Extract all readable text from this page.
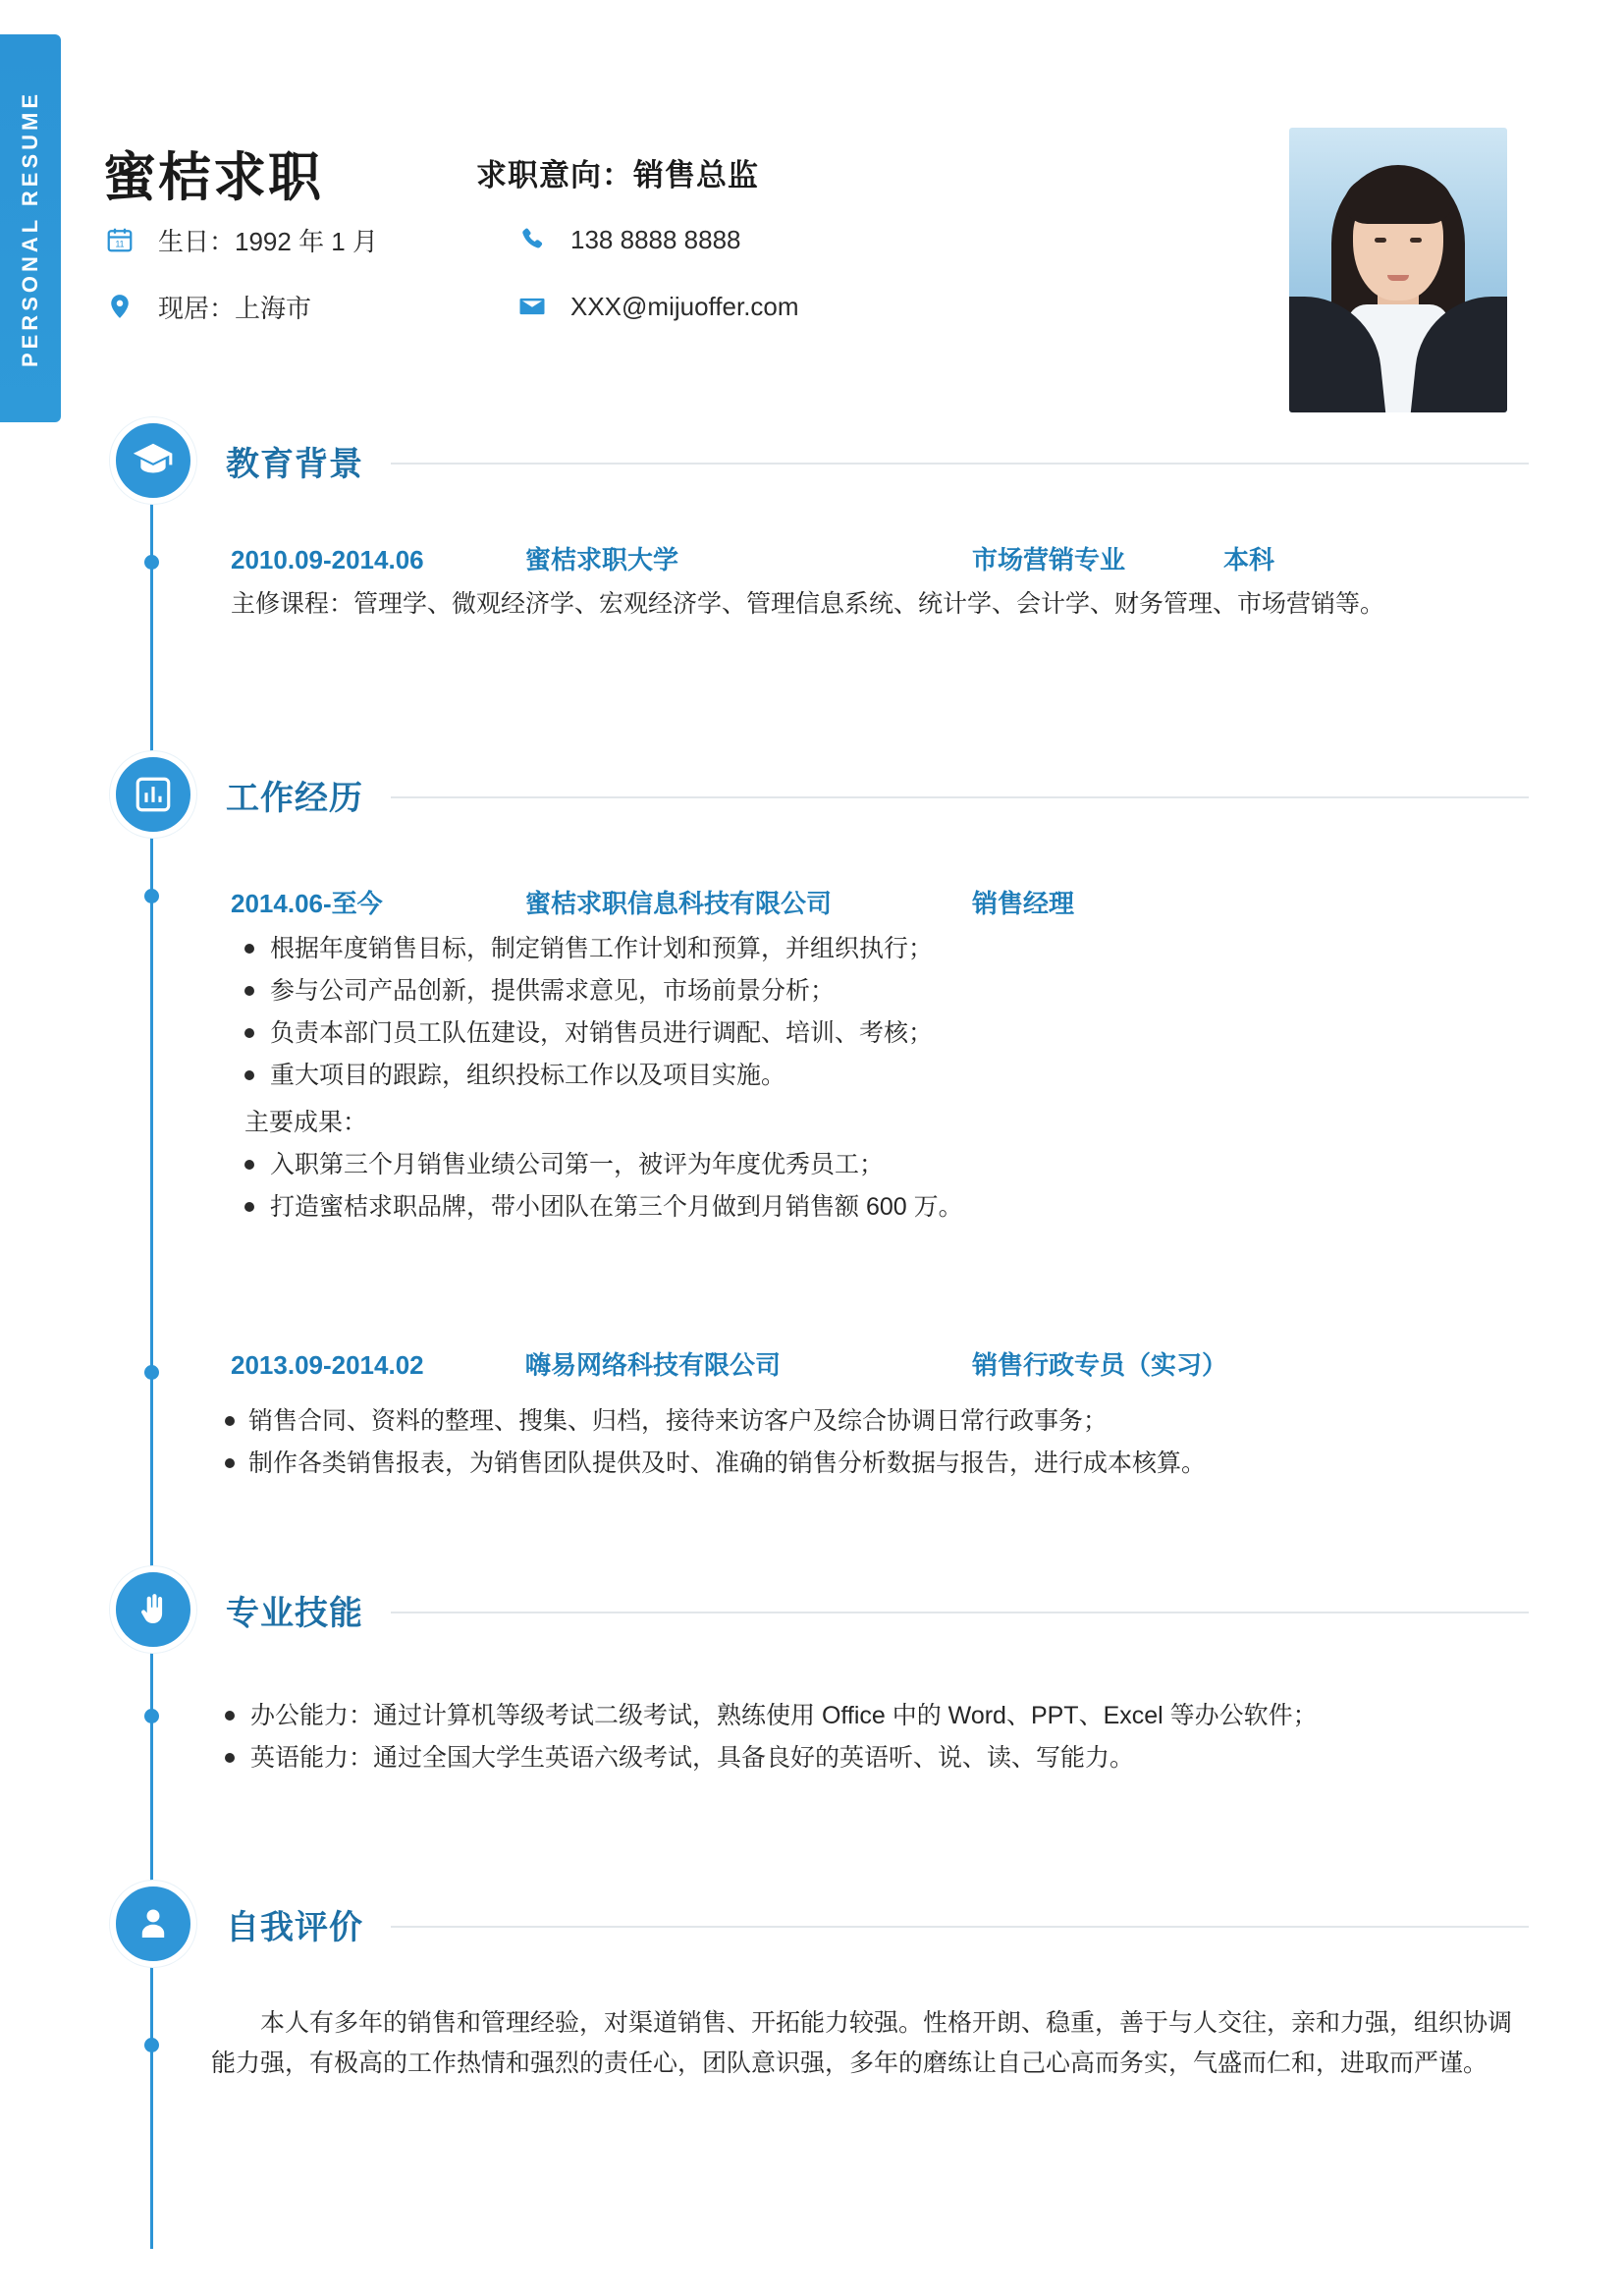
PERSONAL RESUME 蜜桔求职	求职意向：销售总监
11 生日：1992 年 1 月	138 8888 8888
现居：上海市	XXX@mijuoffer.com
教育背景
2010.09-2014.06	蜜桔求职大学	市场营销专业	本科
主修课程：管理学、微观经济学、宏观经济学、管理信息系统、统计学、会计学、财务管理、市场营销等。
工作经历
2014.06-至今	蜜桔求职信息科技有限公司	销售经理
根据年度销售目标，制定销售工作计划和预算，并组织执行；
参与公司产品创新，提供需求意见，市场前景分析；
负责本部门员工队伍建设，对销售员进行调配、培训、考核；
重大项目的跟踪，组织投标工作以及项目实施。
主要成果：
入职第三个月销售业绩公司第一，被评为年度优秀员工；
打造蜜桔求职品牌，带小团队在第三个月做到月销售额 600 万。
2013.09-2014.02	嗨易网络科技有限公司	销售行政专员（实习）
销售合同、资料的整理、搜集、归档，接待来访客户及综合协调日常行政事务；
制作各类销售报表，为销售团队提供及时、准确的销售分析数据与报告，进行成本核算。
专业技能
办公能力：通过计算机等级考试二级考试，熟练使用 Office 中的 Word、PPT、Excel 等办公软件；
英语能力：通过全国大学生英语六级考试，具备良好的英语听、说、读、写能力。
自我评价
本人有多年的销售和管理经验，对渠道销售、开拓能力较强。性格开朗、稳重，善于与人交往，亲和力强，组织协调能力强，有极高的工作热情和强烈的责任心，团队意识强，多年的磨练让自己心高而务实，气盛而仁和，进取而严谨。
